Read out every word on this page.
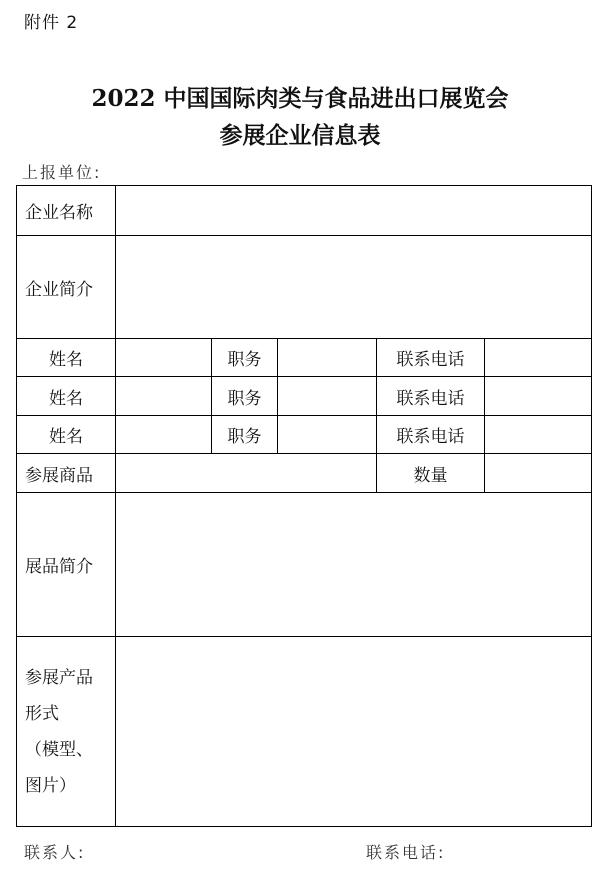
附件 2
2022 中国国际肉类与食品进出口展览会
参展企业信息表
上报单位:
企业名称					
企业简介					
姓名		职务		联系电话	
姓名		职务		联系电话	
姓名		职务		联系电话	
参展商品				数量	
展品简介					

参展产品
形式
（模型、
图片）					

联系人:	联系电话:
